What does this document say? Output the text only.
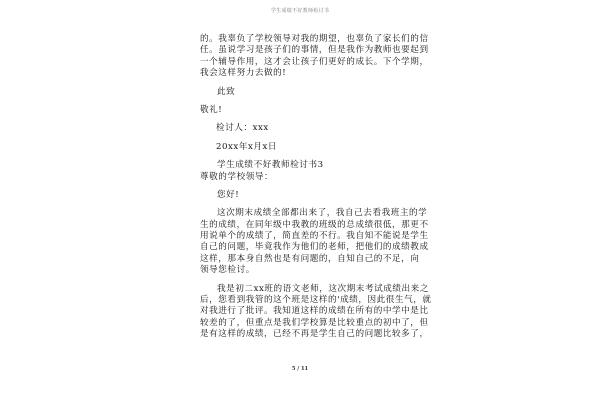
学生成绩不好教师检讨书
的。我辜负了学校领导对我的期望，也辜负了家长们的信
任。虽说学习是孩子们的事情，但是我作为教师也要起到
一个辅导作用，这才会让孩子们更好的成长。下个学期，
我会这样努力去做的!
此致
敬礼!
检讨人：xxx
20xx年x月x日
学生成绩不好教师检讨书3
尊敬的学校领导：
您好!
这次期末成绩全部都出来了，我自己去看我班主的学
生的成绩，在同年级中我教的班级的总成绩很低，那更不
用说单个的成绩了，简直差的不行。我自知不能说是学生
自己的问题，毕竟我作为他们的老师，把他们的成绩教成
这样，那本身自然也是有问题的，自知自己的不足，向
领导您检讨。
我是初二xx班的语文老师，这次期末考试成绩出来之
后，您看到我管的这个班是这样的'成绩，因此很生气，就
对我进行了批评。我知道这样的成绩在所有的中学中是比
较差的了，但重点是我们学校算是比较重点的初中了，但
是有这样的成绩，已经不再是学生自己的问题比较多了，
5 / 11
